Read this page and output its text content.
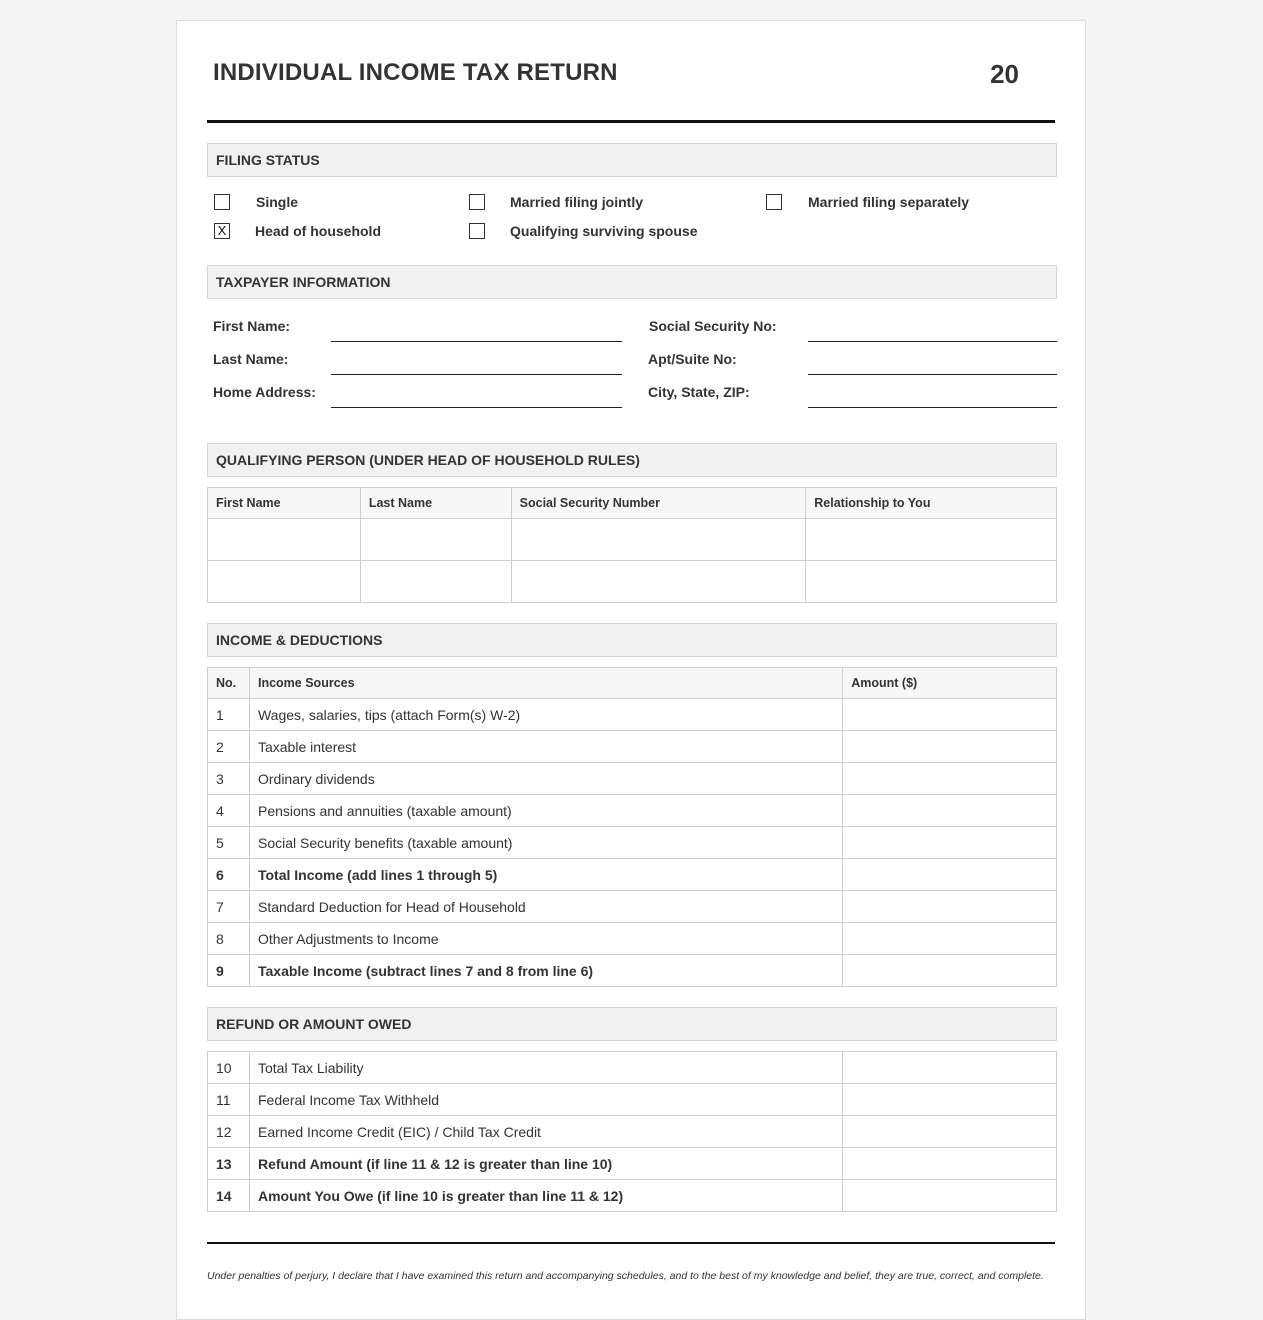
INDIVIDUAL INCOME TAX RETURN	20
FILING STATUS
Single	Married filing jointly	Married filing separately
X Head of household	Qualifying surviving spouse
TAXPAYER INFORMATION
First Name:	Social Security No:
Last Name:	Apt/Suite No:
Home Address:	City, State, ZIP:
QUALIFYING PERSON (UNDER HEAD OF HOUSEHOLD RULES)
First Name	Last Name	Social Security Number	Relationship to You

INCOME & DEDUCTIONS
No.	Income Sources	Amount ($)
1	Wages, salaries, tips (attach Form(s) W-2)	
2	Taxable interest	
3	Ordinary dividends	
4	Pensions and annuities (taxable amount)	
5	Social Security benefits (taxable amount)	
6	Total Income (add lines 1 through 5)	
7	Standard Deduction for Head of Household	
8	Other Adjustments to Income	
9	Taxable Income (subtract lines 7 and 8 from line 6)	
REFUND OR AMOUNT OWED
10	Total Tax Liability	
11	Federal Income Tax Withheld	
12	Earned Income Credit (EIC) / Child Tax Credit	
13	Refund Amount (if line 11 & 12 is greater than line 10)	
14	Amount You Owe (if line 10 is greater than line 11 & 12)	
Under penalties of perjury, I declare that I have examined this return and accompanying schedules, and to the best of my knowledge and belief, they are true, correct, and complete.
